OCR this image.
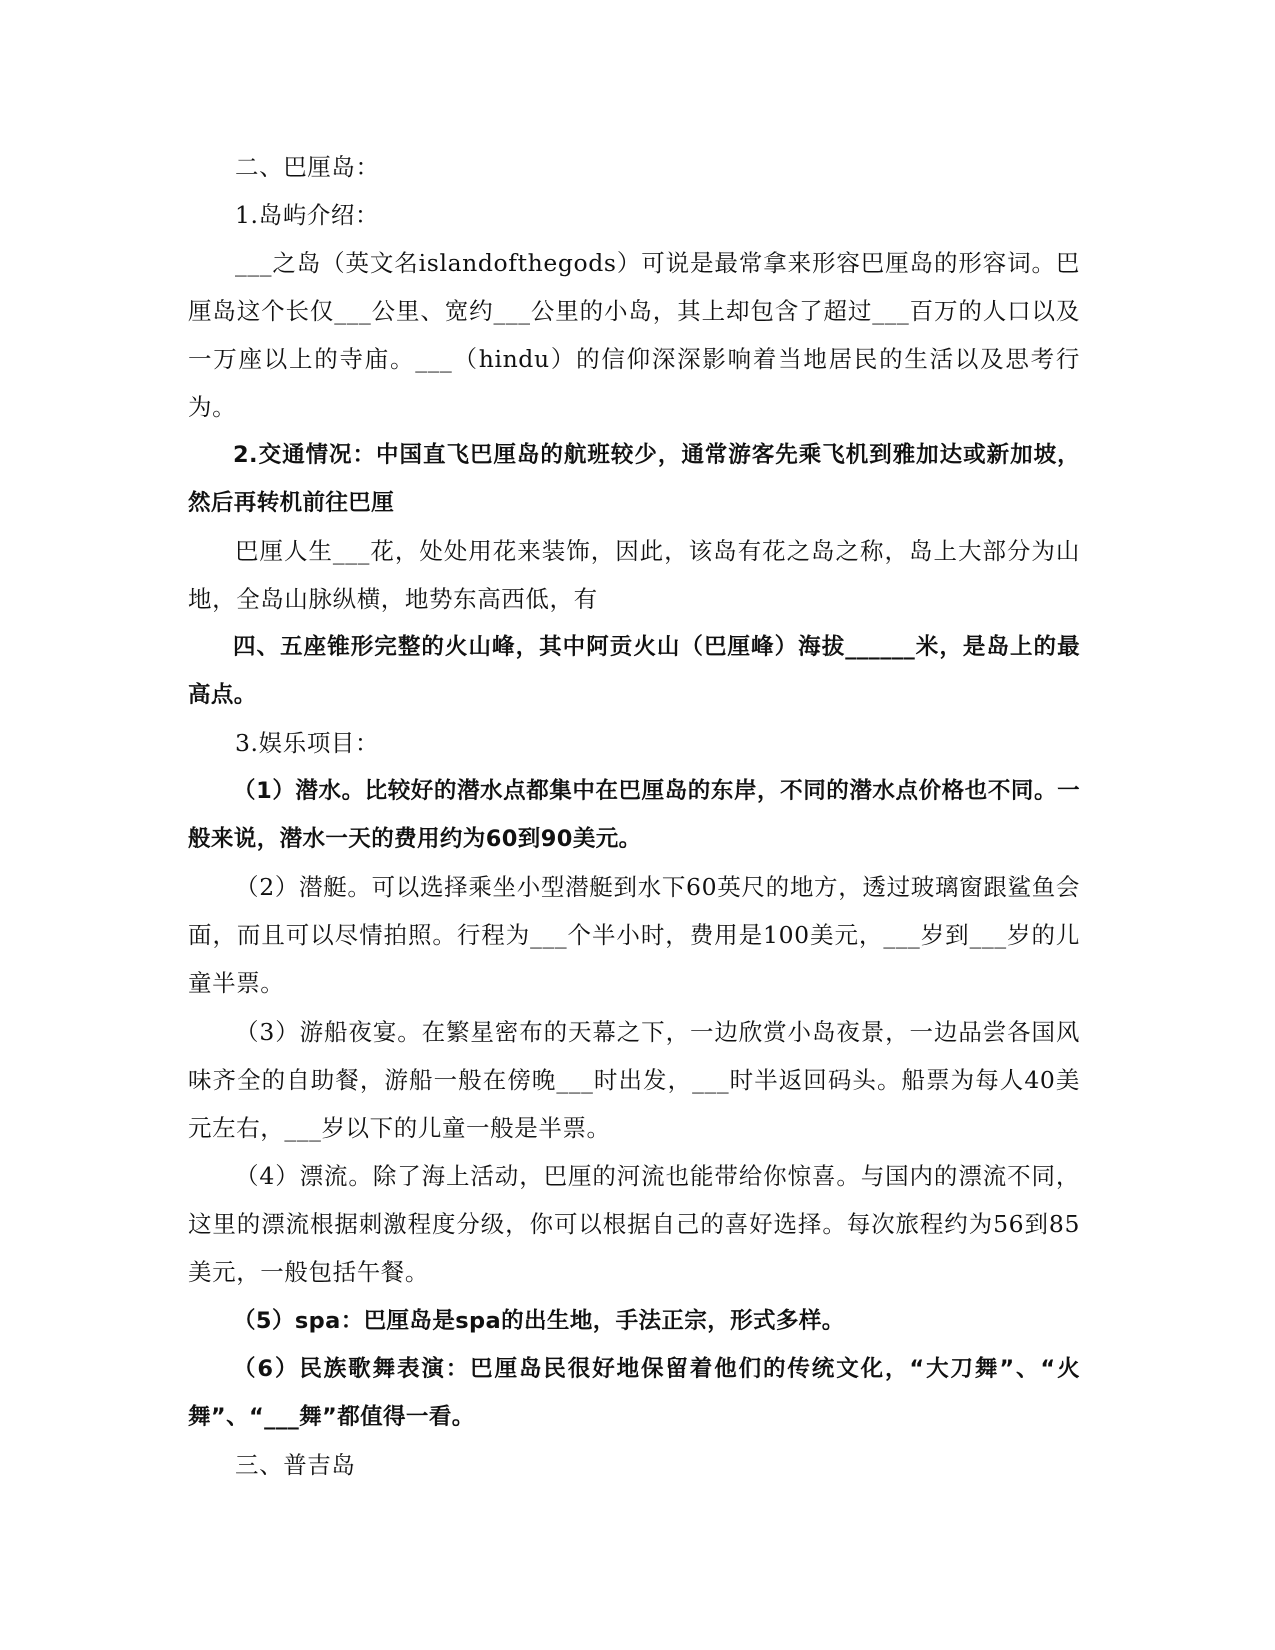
二、巴厘岛：

1.岛屿介绍：

___之岛（英文名islandofthegods）可说是最常拿来形容巴厘岛的形容词。巴厘岛这个长仅___公里、宽约___公里的小岛，其上却包含了超过___百万的人口以及一万座以上的寺庙。___（hindu）的信仰深深影响着当地居民的生活以及思考行为。

2.交通情况：中国直飞巴厘岛的航班较少，通常游客先乘飞机到雅加达或新加坡，然后再转机前往巴厘

巴厘人生___花，处处用花来装饰，因此，该岛有花之岛之称，岛上大部分为山地，全岛山脉纵横，地势东高西低，有

四、五座锥形完整的火山峰，其中阿贡火山（巴厘峰）海拔______米，是岛上的最高点。

3.娱乐项目：

（1）潜水。比较好的潜水点都集中在巴厘岛的东岸，不同的潜水点价格也不同。一般来说，潜水一天的费用约为60到90美元。

（2）潜艇。可以选择乘坐小型潜艇到水下60英尺的地方，透过玻璃窗跟鲨鱼会面，而且可以尽情拍照。行程为___个半小时，费用是100美元，___岁到___岁的儿童半票。

（3）游船夜宴。在繁星密布的天幕之下，一边欣赏小岛夜景，一边品尝各国风味齐全的自助餐，游船一般在傍晚___时出发，___时半返回码头。船票为每人40美元左右，___岁以下的儿童一般是半票。

（4）漂流。除了海上活动，巴厘的河流也能带给你惊喜。与国内的漂流不同，这里的漂流根据刺激程度分级，你可以根据自己的喜好选择。每次旅程约为56到85美元，一般包括午餐。

（5）spa：巴厘岛是spa的出生地，手法正宗，形式多样。

（6）民族歌舞表演：巴厘岛民很好地保留着他们的传统文化，“大刀舞”、“火舞”、“___舞”都值得一看。

三、普吉岛
